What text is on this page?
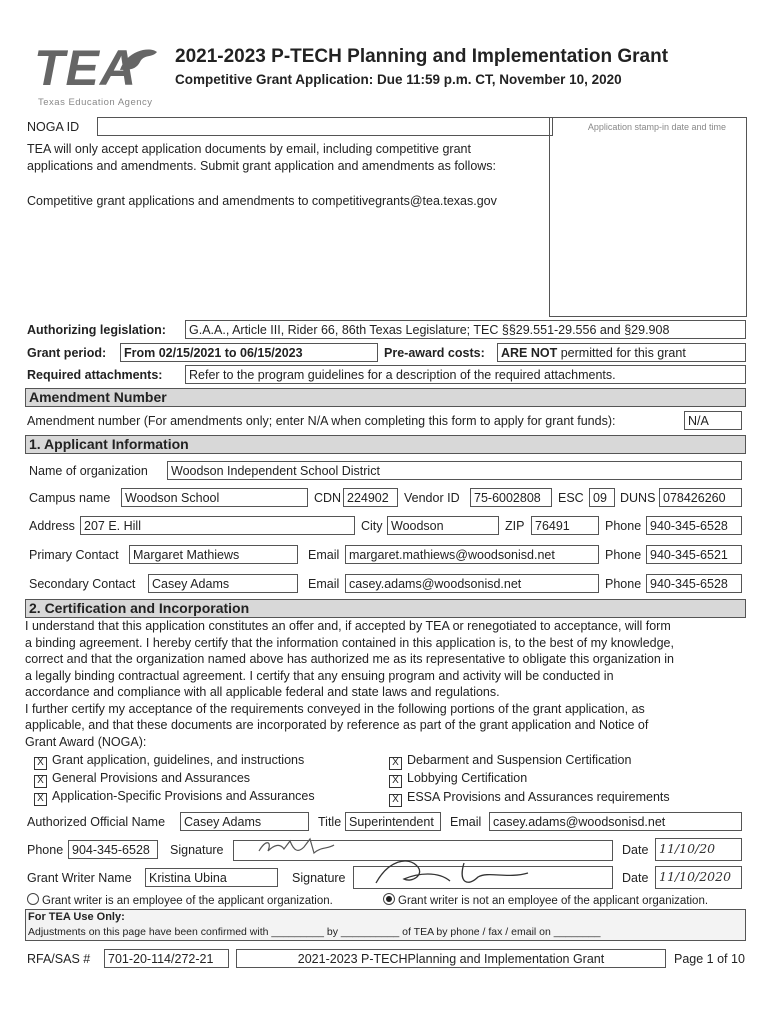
TEA
Texas Education Agency
2021-2023 P-TECH Planning and Implementation Grant
Competitive Grant Application: Due 11:59 p.m. CT, November 10, 2020
NOGA ID	Application stamp-in date and time
TEA will only accept application documents by email, including competitive grant
applications and amendments. Submit grant application and amendments as follows:
Competitive grant applications and amendments to competitivegrants@tea.texas.gov
Authorizing legislation:	G.A.A., Article III, Rider 66, 86th Texas Legislature; TEC §§29.551-29.556 and §29.908
Grant period:	From 02/15/2021 to 06/15/2023	Pre-award costs:	ARE NOT permitted for this grant
Required attachments:	Refer to the program guidelines for a description of the required attachments.
Amendment Number
Amendment number (For amendments only; enter N/A when completing this form to apply for grant funds):	N/A
1. Applicant Information
Name of organization	Woodson Independent School District
Campus name	Woodson School	CDN 224902	Vendor ID	75-6002808	ESC 09	DUNS 078426260
Address 207 E. Hill	City Woodson	ZIP 76491	Phone 940-345-6528
Primary Contact	Margaret Mathiews	Email margaret.mathiews@woodsonisd.net	Phone 940-345-6521
Secondary Contact	Casey Adams	Email casey.adams@woodsonisd.net	Phone 940-345-6528
2. Certification and Incorporation
I understand that this application constitutes an offer and, if accepted by TEA or renegotiated to acceptance, will form
a binding agreement. I hereby certify that the information contained in this application is, to the best of my knowledge,
correct and that the organization named above has authorized me as its representative to obligate this organization in
a legally binding contractual agreement. I certify that any ensuing program and activity will be conducted in
accordance and compliance with all applicable federal and state laws and regulations.
I further certify my acceptance of the requirements conveyed in the following portions of the grant application, as
applicable, and that these documents are incorporated by reference as part of the grant application and Notice of
Grant Award (NOGA):
X Grant application, guidelines, and instructions
X General Provisions and Assurances
X Application-Specific Provisions and Assurances
X Debarment and Suspension Certification
X Lobbying Certification
X ESSA Provisions and Assurances requirements
Authorized Official Name	Casey Adams	Title Superintendent	Email casey.adams@woodsonisd.net
Phone 904-345-6528	Signature	Date 11/10/20
Grant Writer Name	Kristina Ubina	Signature	Date 11/10/2020
Grant writer is an employee of the applicant organization.	Grant writer is not an employee of the applicant organization.
For TEA Use Only:
Adjustments on this page have been confirmed with _________ by __________ of TEA by phone / fax / email on ________
RFA/SAS #	701-20-114/272-21	2021-2023 P-TECHPlanning and Implementation Grant	Page 1 of 10
